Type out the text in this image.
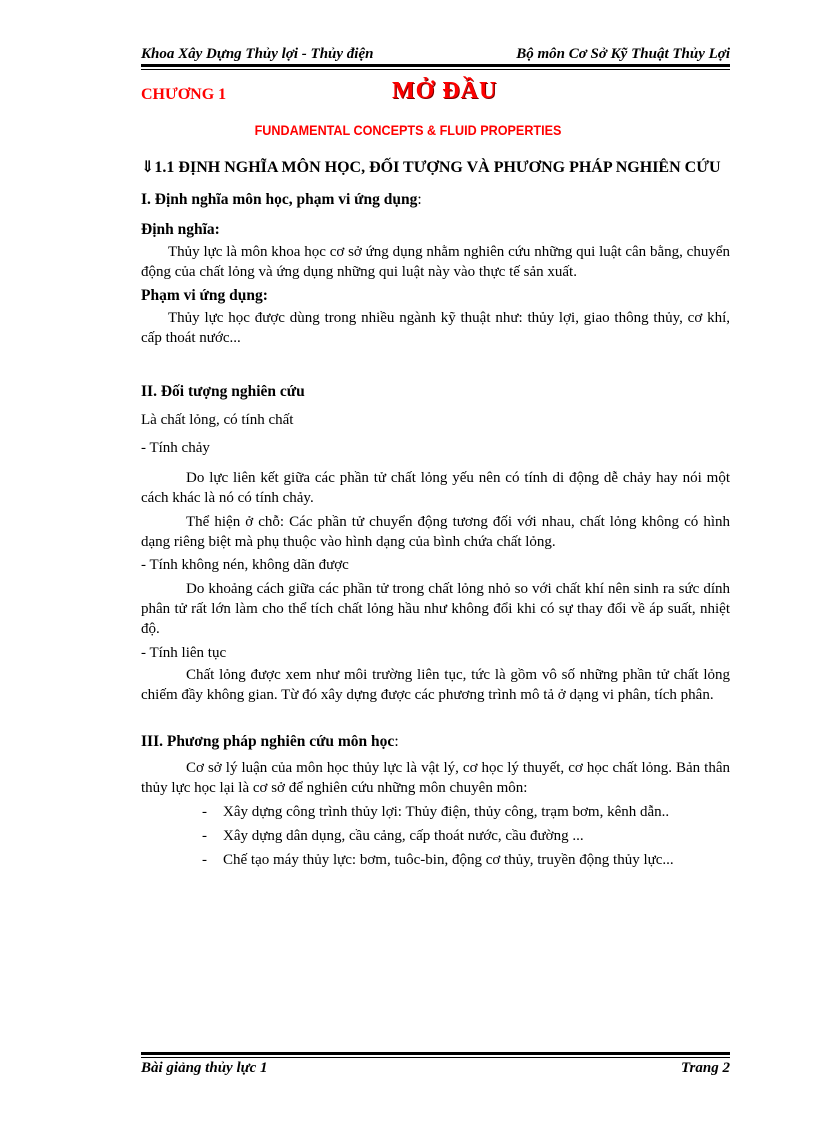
Khoa Xây Dựng Thủy lợi - Thủy điện	Bộ môn Cơ Sở Kỹ Thuật Thủy Lợi
CHƯƠNG 1	MỞ ĐẦU
FUNDAMENTAL CONCEPTS & FLUID PROPERTIES
⇓1.1 ĐỊNH NGHĨA MÔN HỌC, ĐỐI TƯỢNG VÀ PHƯƠNG PHÁP NGHIÊN CỨU
I. Định nghĩa môn học, phạm vi ứng dụng:
Định nghĩa:

Thủy lực là môn khoa học cơ sở ứng dụng nhằm nghiên cứu những qui luật cân bằng, chuyển động của chất lỏng và ứng dụng những qui luật này vào thực tế sản xuất.

Phạm vi ứng dụng:

Thủy lực học được dùng trong nhiều ngành kỹ thuật như: thủy lợi, giao thông thủy, cơ khí, cấp thoát nước...

II. Đối tượng nghiên cứu

Là chất lỏng, có tính chất

- Tính chảy

Do lực liên kết giữa các phần tử chất lỏng yếu nên có tính di động dễ chảy hay nói một cách khác là nó có tính chảy.

Thể hiện ở chỗ: Các phần tử chuyển động tương đối với nhau, chất lỏng không có hình dạng riêng biệt mà phụ thuộc vào hình dạng của bình chứa chất lỏng.

- Tính không nén, không dãn được

Do khoảng cách giữa các phần tử trong chất lỏng nhỏ so với chất khí nên sinh ra sức dính phân tử rất lớn làm cho thể tích chất lỏng hầu như không đổi khi có sự thay đổi về áp suất, nhiệt độ.

- Tính liên tục

Chất lỏng được xem như môi trường liên tục, tức là gồm vô số những phần tử chất lỏng chiếm đầy không gian. Từ đó xây dựng được các phương trình mô tả ở dạng vi phân, tích phân.

III. Phương pháp nghiên cứu môn học:

Cơ sở lý luận của môn học thủy lực là vật lý, cơ học lý thuyết, cơ học chất lỏng. Bản thân thủy lực học lại là cơ sở để nghiên cứu những môn chuyên môn:

- Xây dựng công trình thủy lợi: Thủy điện, thủy công, trạm bơm, kênh dẫn..
- Xây dựng dân dụng, cầu cảng, cấp thoát nước, cầu đường ...
- Chế tạo máy thủy lực: bơm, tuôc-bin, động cơ thủy, truyền động thủy lực...
Bài giảng thủy lực 1	Trang 2
